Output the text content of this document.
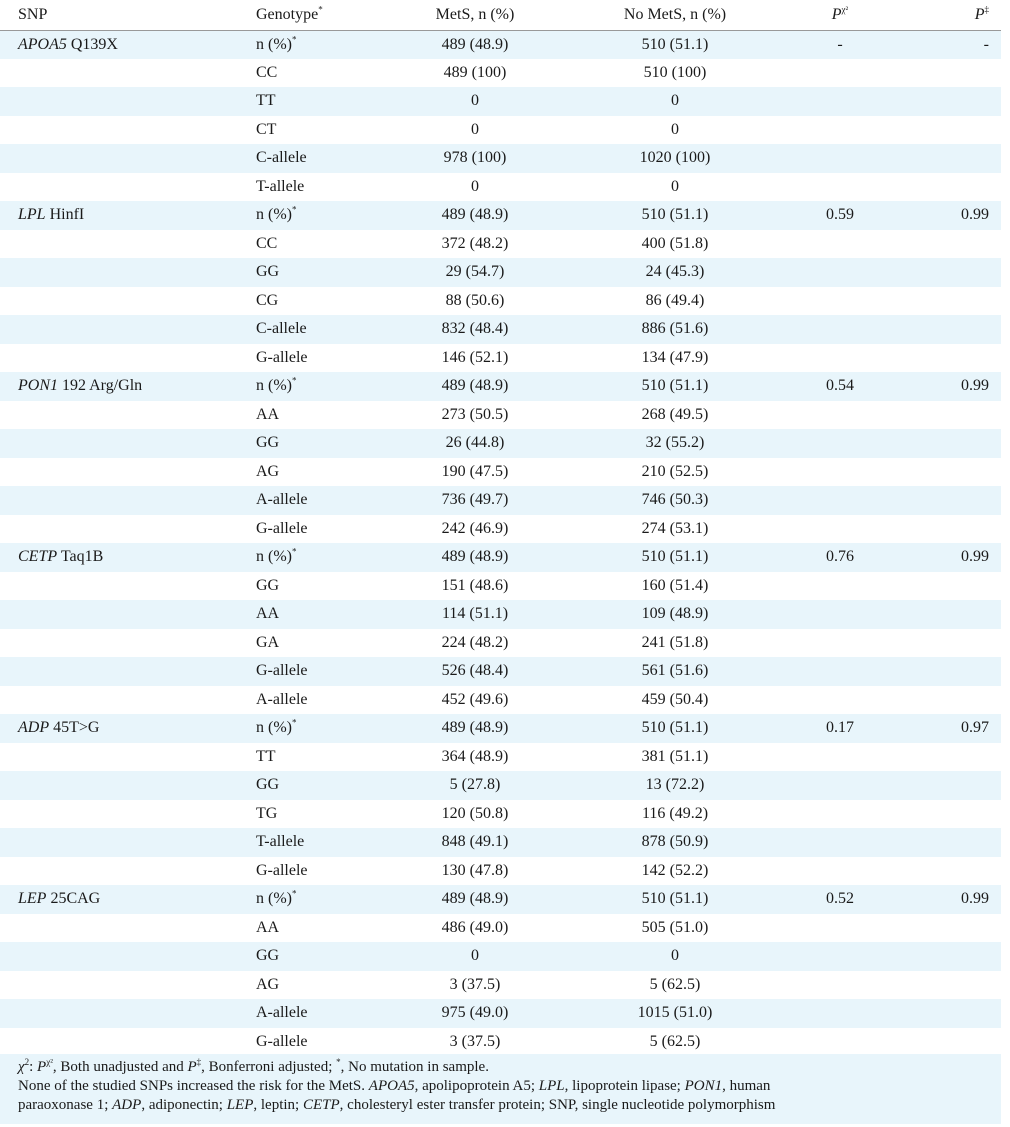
SNP	Genotype*	MetS, n (%)	No MetS, n (%)	$P^{\chi^2}$	P‡
APOA5 Q139X	n (%)*	489 (48.9)	510 (51.1)	-	-
	CC	489 (100)	510 (100)		
	TT	0	0		
	CT	0	0		
	C-allele	978 (100)	1020 (100)		
	T-allele	0	0		
LPL HinfI	n (%)*	489 (48.9)	510 (51.1)	0.59	0.99
	CC	372 (48.2)	400 (51.8)		
	GG	29 (54.7)	24 (45.3)		
	CG	88 (50.6)	86 (49.4)		
	C-allele	832 (48.4)	886 (51.6)		
	G-allele	146 (52.1)	134 (47.9)		
PON1 192 Arg/Gln	n (%)*	489 (48.9)	510 (51.1)	0.54	0.99
	AA	273 (50.5)	268 (49.5)		
	GG	26 (44.8)	32 (55.2)		
	AG	190 (47.5)	210 (52.5)		
	A-allele	736 (49.7)	746 (50.3)		
	G-allele	242 (46.9)	274 (53.1)		
CETP Taq1B	n (%)*	489 (48.9)	510 (51.1)	0.76	0.99
	GG	151 (48.6)	160 (51.4)		
	AA	114 (51.1)	109 (48.9)		
	GA	224 (48.2)	241 (51.8)		
	G-allele	526 (48.4)	561 (51.6)		
	A-allele	452 (49.6)	459 (50.4)		
ADP 45T>G	n (%)*	489 (48.9)	510 (51.1)	0.17	0.97
	TT	364 (48.9)	381 (51.1)		
	GG	5 (27.8)	13 (72.2)		
	TG	120 (50.8)	116 (49.2)		
	T-allele	848 (49.1)	878 (50.9)		
	G-allele	130 (47.8)	142 (52.2)		
LEP 25CAG	n (%)*	489 (48.9)	510 (51.1)	0.52	0.99
	AA	486 (49.0)	505 (51.0)		
	GG	0	0		
	AG	3 (37.5)	5 (62.5)		
	A-allele	975 (49.0)	1015 (51.0)		
	G-allele	3 (37.5)	5 (62.5)		

$\chi^2$: $P^{\chi^2}$, Both unadjusted and P‡, Bonferroni adjusted; *, No mutation in sample.

None of the studied SNPs increased the risk for the MetS. APOA5, apolipoprotein A5; LPL, lipoprotein lipase; PON1, human

paraoxonase 1; ADP, adiponectin; LEP, leptin; CETP, cholesteryl ester transfer protein; SNP, single nucleotide polymorphism
